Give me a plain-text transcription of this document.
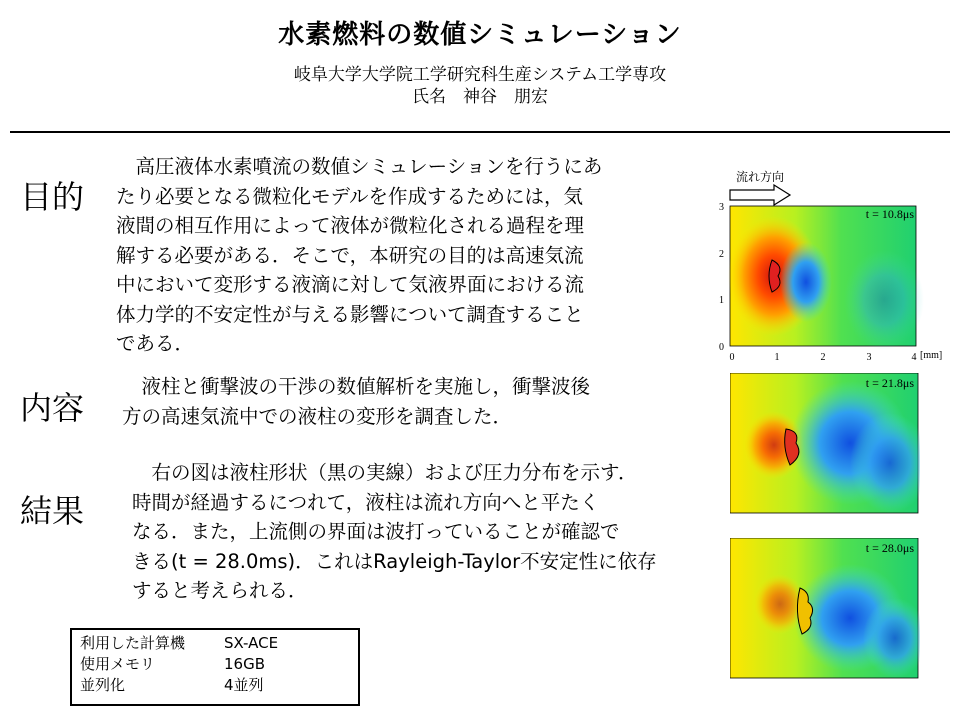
水素燃料の数値シミュレーション
岐阜大学大学院工学研究科生産システム工学専攻
氏名　神谷　朋宏
目的
　高圧液体水素噴流の数値シミュレーションを行うにあ
たり必要となる微粒化モデルを作成するためには，気
液間の相互作用によって液体が微粒化される過程を理
解する必要がある．そこで，本研究の目的は高速気流
中において変形する液滴に対して気液界面における流
体力学的不安定性が与える影響について調査すること
である．
内容
　液柱と衝撃波の干渉の数値解析を実施し，衝撃波後
方の高速気流中での液柱の変形を調査した．
結果
　右の図は液柱形状（黒の実線）および圧力分布を示す．
時間が経過するにつれて，液柱は流れ方向へと平たく
なる．また，上流側の界面は波打っていることが確認で
きる(t = 28.0ms)．これはRayleigh-Taylor不安定性に依存
すると考えられる．
利用した計算機	SX-ACE
使用メモリ	16GB
並列化	4並列
流れ方向
t = 10.8μs
3
2
1
0
0	1	2	3	4 [mm]
t = 21.8μs
t = 28.0μs
